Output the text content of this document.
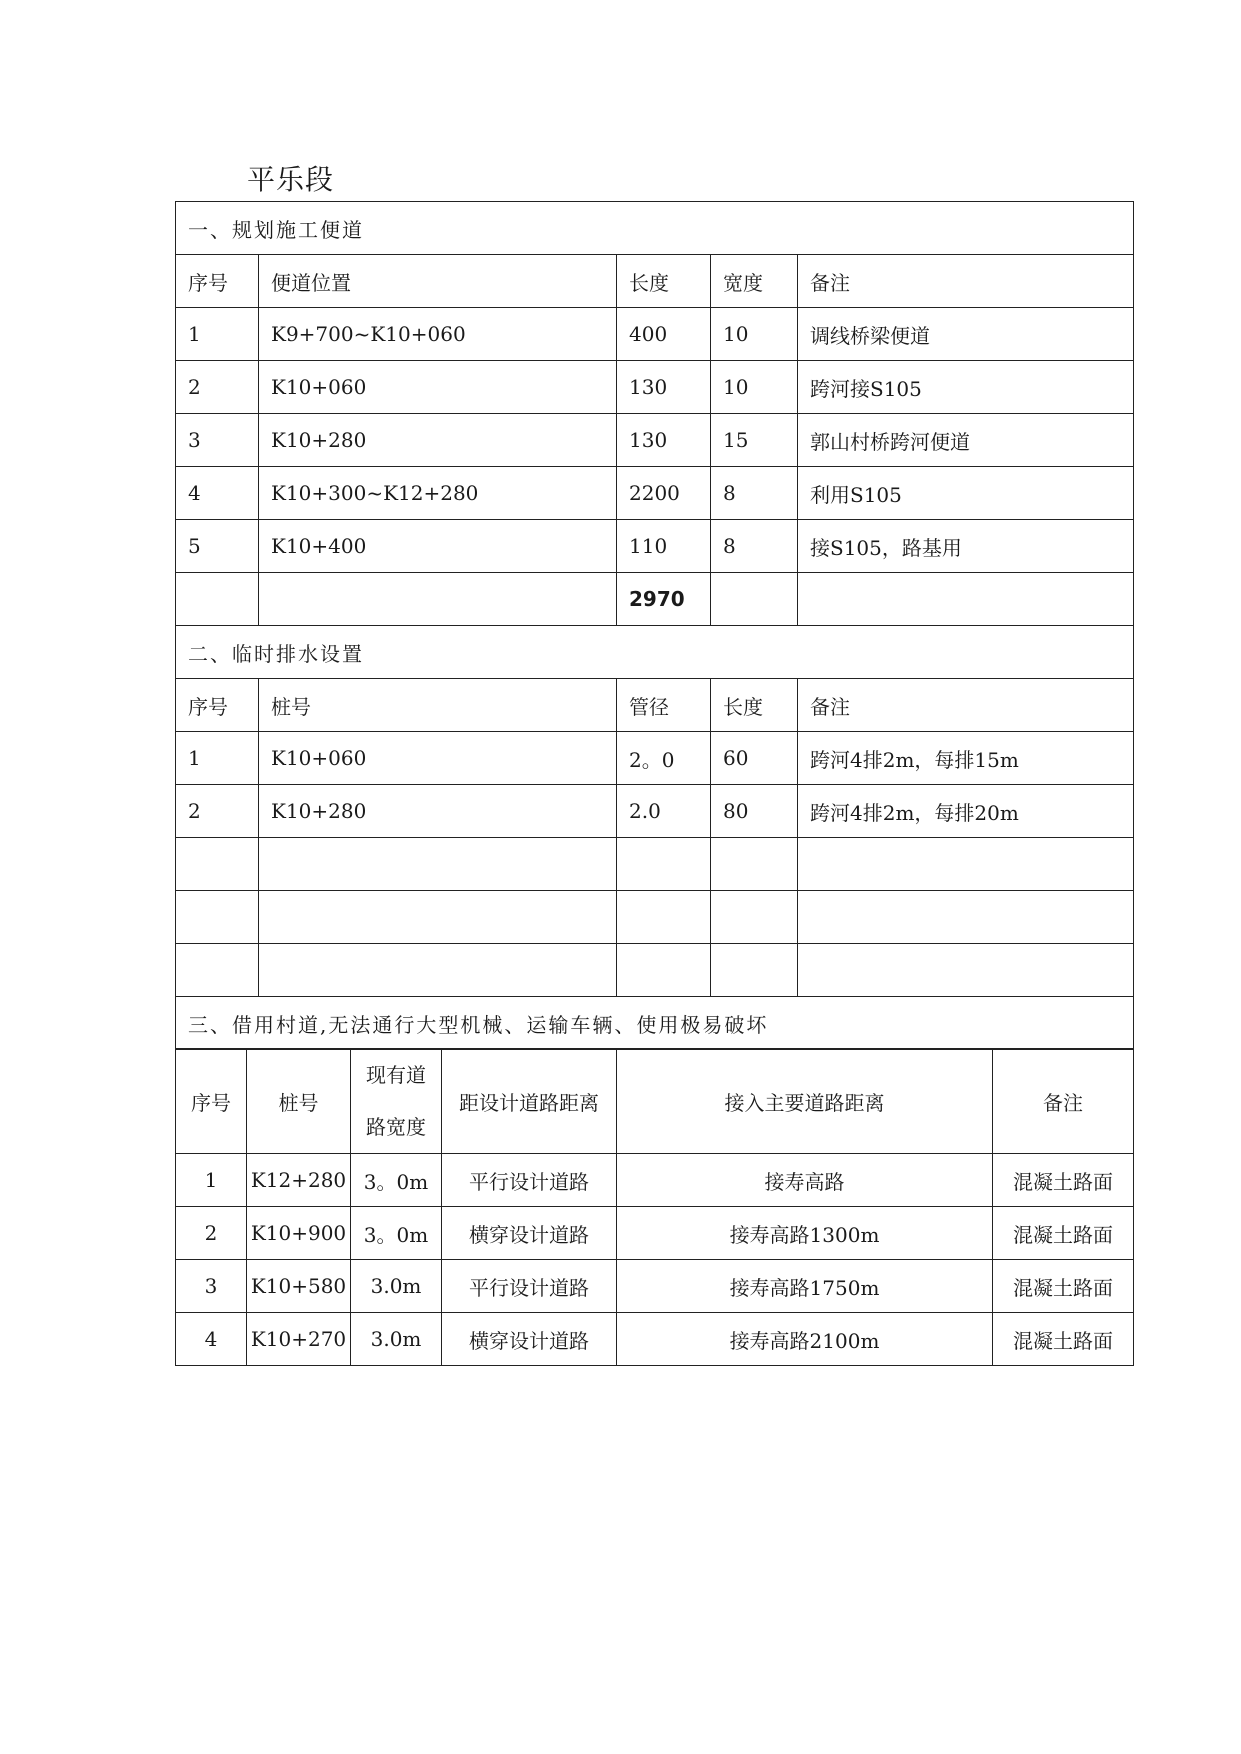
平乐段
一、规划施工便道				
序号	便道位置	长度	宽度	备注
1	K9+700~K10+060	400	10	调线桥梁便道
2	K10+060	130	10	跨河接S105
3	K10+280	130	15	郭山村桥跨河便道
4	K10+300~K12+280	2200	8	利用S105
5	K10+400	110	8	接S105，路基用
		2970		
二、临时排水设置				
序号	桩号	管径	长度	备注
1	K10+060	2。0	60	跨河4排2m，每排15m
2	K10+280	2.0	80	跨河4排2m，每排20m

三、借用村道,无法通行大型机械、运输车辆、使用极易破坏				
序号	桩号	现有道路宽度	距设计道路距离	接入主要道路距离	备注
1	K12+280	3。0m	平行设计道路	接寿高路	混凝土路面
2	K10+900	3。0m	横穿设计道路	接寿高路1300m	混凝土路面
3	K10+580	3.0m	平行设计道路	接寿高路1750m	混凝土路面
4	K10+270	3.0m	横穿设计道路	接寿高路2100m	混凝土路面
